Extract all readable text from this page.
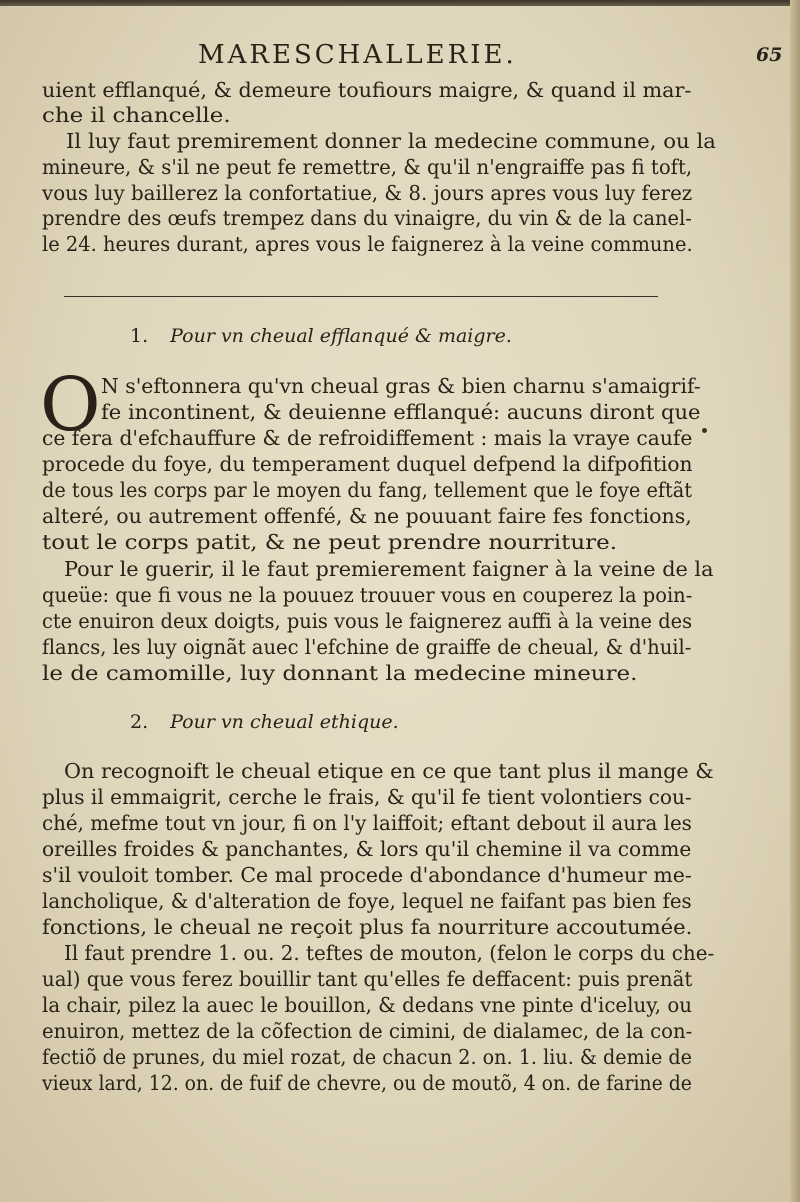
MARESCHALLERIE.	65
uient efflanqué, & demeure toufiours maigre, & quand il mar-
che il chancelle.
Il luy faut premirement donner la medecine commune, ou la
mineure, & s'il ne peut fe remettre, & qu'il n'engraiffe pas fi toft,
vous luy baillerez la confortatiue, & 8. jours apres vous luy ferez
prendre des œufs trempez dans du vinaigre, du vin & de la canel-
le 24. heures durant, apres vous le faignerez à la veine commune.
1. Pour vn cheual efflanqué & maigre.
O N s'eftonnera qu'vn cheual gras & bien charnu s'amaigrif-
fe incontinent, & deuienne efflanqué: aucuns diront que
ce fera d'efchauffure & de refroidiffement : mais la vraye caufe
procede du foye, du temperament duquel defpend la difpofition
de tous les corps par le moyen du fang, tellement que le foye eftãt
alteré, ou autrement offenfé, & ne pouuant faire fes fonctions,
tout le corps patit, & ne peut prendre nourriture.
Pour le guerir, il le faut premierement faigner à la veine de la
queüe: que fi vous ne la pouuez trouuer vous en couperez la poin-
cte enuiron deux doigts, puis vous le faignerez auffi à la veine des
flancs, les luy oignãt auec l'efchine de graiffe de cheual, & d'huil-
le de camomille, luy donnant la medecine mineure.
2. Pour vn cheual ethique.
On recognoift le cheual etique en ce que tant plus il mange &
plus il emmaigrit, cerche le frais, & qu'il fe tient volontiers cou-
ché, mefme tout vn jour, fi on l'y laiffoit; eftant debout il aura les
oreilles froides & panchantes, & lors qu'il chemine il va comme
s'il vouloit tomber. Ce mal procede d'abondance d'humeur me-
lancholique, & d'alteration de foye, lequel ne faifant pas bien fes
fonctions, le cheual ne reçoit plus fa nourriture accoutumée.
Il faut prendre 1. ou. 2. teftes de mouton, (felon le corps du che-
ual) que vous ferez bouillir tant qu'elles fe deffacent: puis prenãt
la chair, pilez la auec le bouillon, & dedans vne pinte d'iceluy, ou
enuiron, mettez de la cõfection de cimini, de dialamec, de la con-
fectiõ de prunes, du miel rozat, de chacun 2. on. 1. liu. & demie de
vieux lard, 12. on. de fuif de chevre, ou de moutõ, 4 on. de farine de
